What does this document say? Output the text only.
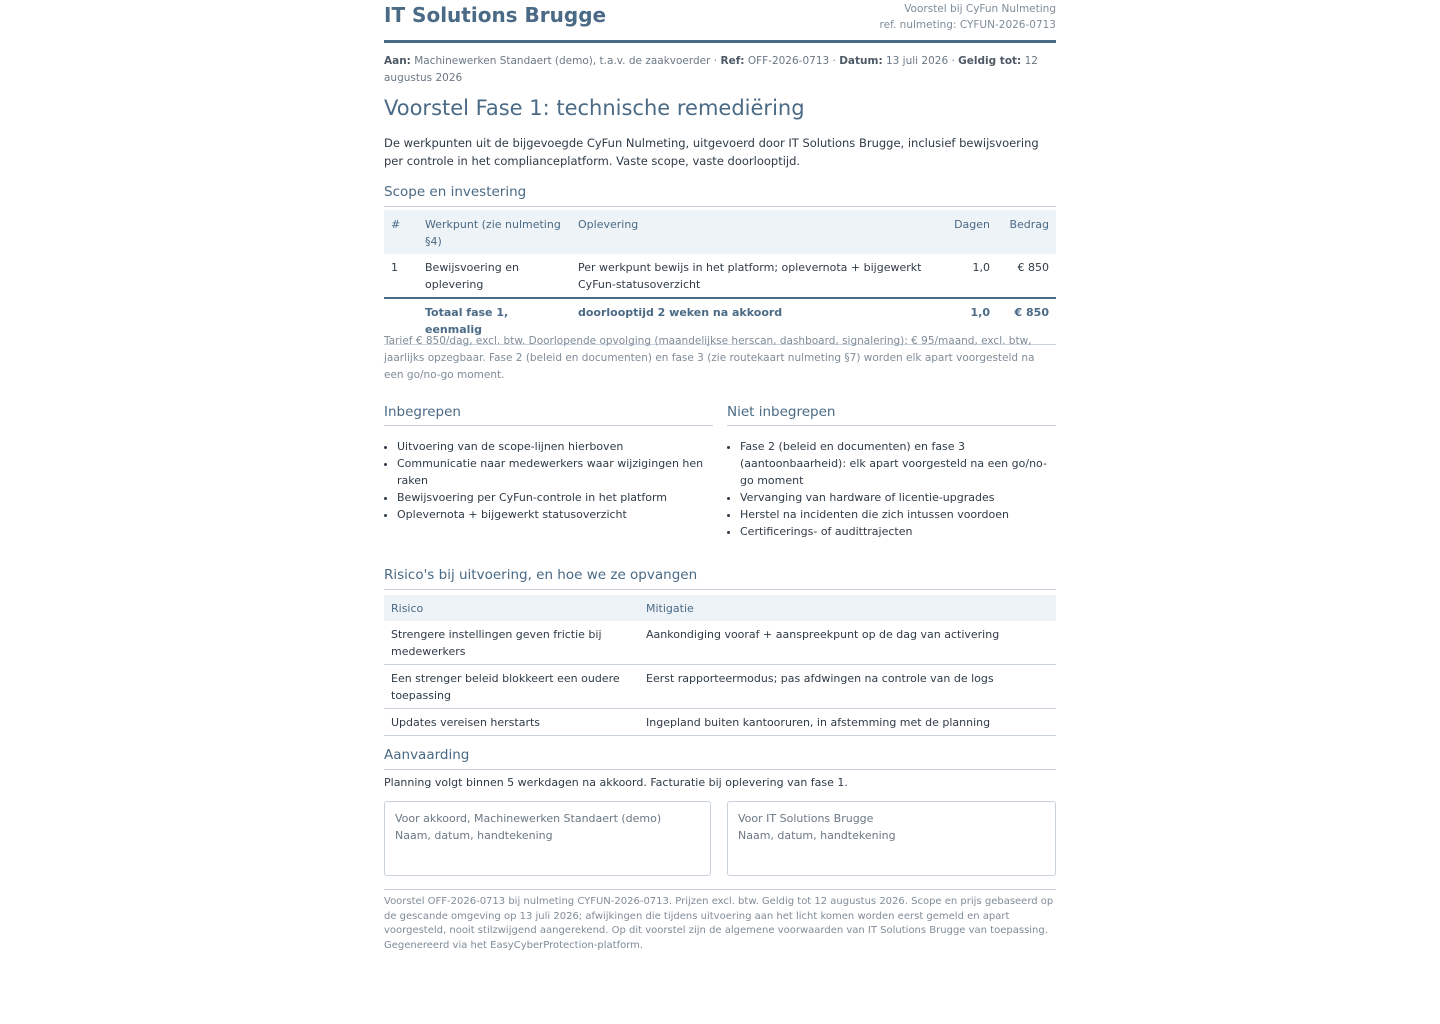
IT Solutions Brugge	Voorstel bij CyFun Nulmeting
ref. nulmeting: CYFUN-2026-0713
Aan: Machinewerken Standaert (demo), t.a.v. de zaakvoerder · Ref: OFF-2026-0713 · Datum: 13 juli 2026 · Geldig tot: 12 augustus 2026
Voorstel Fase 1: technische remediëring
De werkpunten uit de bijgevoegde CyFun Nulmeting, uitgevoerd door IT Solutions Brugge, inclusief bewijsvoering per controle in het complianceplatform. Vaste scope, vaste doorlooptijd.
Scope en investering
#	Werkpunt (zie nulmeting §4)	Oplevering	Dagen	Bedrag
1	Bewijsvoering en oplevering	Per werkpunt bewijs in het platform; oplevernota + bijgewerkt CyFun-statusoverzicht	1,0	€ 850
	Totaal fase 1, eenmalig	doorlooptijd 2 weken na akkoord	1,0	€ 850
Tarief € 850/dag, excl. btw. Doorlopende opvolging (maandelijkse herscan, dashboard, signalering): € 95/maand, excl. btw, jaarlijks opzegbaar. Fase 2 (beleid en documenten) en fase 3 (zie routekaart nulmeting §7) worden elk apart voorgesteld na een go/no-go moment.
Inbegrepen
• Uitvoering van de scope-lijnen hierboven
• Communicatie naar medewerkers waar wijzigingen hen raken
• Bewijsvoering per CyFun-controle in het platform
• Oplevernota + bijgewerkt statusoverzicht
Niet inbegrepen
• Fase 2 (beleid en documenten) en fase 3 (aantoonbaarheid): elk apart voorgesteld na een go/no-go moment
• Vervanging van hardware of licentie-upgrades
• Herstel na incidenten die zich intussen voordoen
• Certificerings- of audittrajecten
Risico's bij uitvoering, en hoe we ze opvangen
Risico	Mitigatie
Strengere instellingen geven frictie bij medewerkers	Aankondiging vooraf + aanspreekpunt op de dag van activering
Een strenger beleid blokkeert een oudere toepassing	Eerst rapporteermodus; pas afdwingen na controle van de logs
Updates vereisen herstarts	Ingepland buiten kantooruren, in afstemming met de planning
Aanvaarding
Planning volgt binnen 5 werkdagen na akkoord. Facturatie bij oplevering van fase 1.
Voor akkoord, Machinewerken Standaert (demo)
Naam, datum, handtekening
Voor IT Solutions Brugge
Naam, datum, handtekening
Voorstel OFF-2026-0713 bij nulmeting CYFUN-2026-0713. Prijzen excl. btw. Geldig tot 12 augustus 2026. Scope en prijs gebaseerd op de gescande omgeving op 13 juli 2026; afwijkingen die tijdens uitvoering aan het licht komen worden eerst gemeld en apart voorgesteld, nooit stilzwijgend aangerekend. Op dit voorstel zijn de algemene voorwaarden van IT Solutions Brugge van toepassing. Gegenereerd via het EasyCyberProtection-platform.
